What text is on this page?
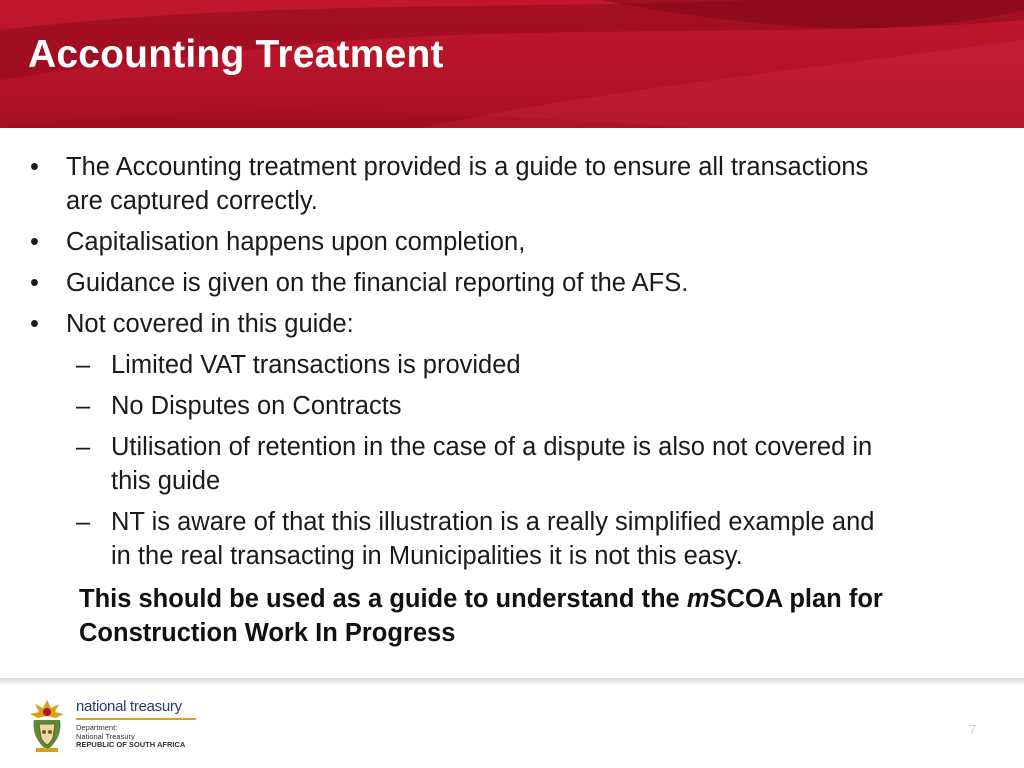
Accounting Treatment
• The Accounting treatment provided is a guide to ensure all transactions
are captured correctly.
• Capitalisation happens upon completion,
• Guidance is given on the financial reporting of the AFS.
• Not covered in this guide:
– Limited VAT transactions is provided
– No Disputes on Contracts
– Utilisation of retention in the case of a dispute is also not covered in
this guide
– NT is aware of that this illustration is a really simplified example and
in the real transacting in Municipalities it is not this easy.
This should be used as a guide to understand the mSCOA plan for Construction Work In Progress
national treasury
Department:
National Treasury
REPUBLIC OF SOUTH AFRICA
7
